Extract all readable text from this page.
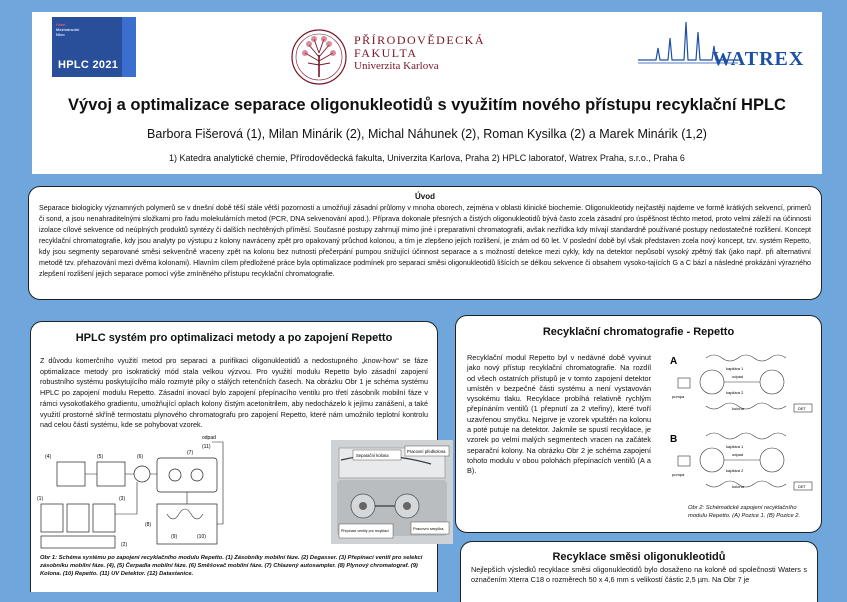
Hotel
Mezinárodní
Nivo
HPLC 2021
PŘÍRODOVĚDECKÁ
FAKULTA
Univerzita Karlova	WATREX
Vývoj a optimalizace separace oligonukleotidů s využitím nového přístupu recyklační HPLC
Barbora Fišerová (1), Milan Minárik (2), Michal Náhunek (2), Roman Kysilka (2) a Marek Minárik (1,2)
1) Katedra analytické chemie, Přírodovědecká fakulta, Univerzita Karlova, Praha 2) HPLC laboratoř, Watrex Praha, s.r.o., Praha 6
Úvod

Separace biologicky významných polymerů se v dnešní době těší stále větší pozornosti a umožňují zásadní průlomy v mnoha oborech, zejména v oblasti klinické biochemie. Oligonukleotidy nejčastěji najdeme ve formě krátkých sekvencí, primerů či sond, a jsou nenahraditelnými složkami pro řadu molekulárních metod (PCR, DNA sekvenování apod.). Příprava dokonale přesných a čistých oligonukleotidů bývá často zcela zásadní pro úspěšnost těchto metod, proto velmi záleží na účinnosti izolace cílové sekvence od neúplných produktů syntézy či dalších nechtěných příměsí. Současné postupy zahrnují mimo jiné i preparativní chromatografii, avšak nezřídka kdy mívají standardně používané postupy nedostatečné rozlišení. Koncept recyklační chromatografie, kdy jsou analyty po výstupu z kolony navráceny zpět pro opakovaný průchod kolonou, a tím je zlepšeno jejich rozlišení, je znám od 60 let. V poslední době byl však představen zcela nový koncept, tzv. systém Repetto, kdy jsou segmenty separované směsi sekvenčně vraceny zpět na kolonu bez nutnosti přečerpání pumpou snižující účinnost separace a s možností detekce mezi cykly, kdy na detektor nepůsobí vysoký zpětný tlak (jako např. při alternativní metodě tzv. přehazování mezi dvěma kolonami). Hlavním cílem předložené práce byla optimalizace podmínek pro separaci směsi oligonukleotidů lišících se délkou sekvence či obsahem vysoko-tajících G a C bází a následné prokázání výrazného zlepšení rozlišení jejich separace pomocí výše zmíněného přístupu recyklační chromatografie.

HPLC systém pro optimalizaci metody a po zapojení Repetto

Z důvodu komerčního využití metod pro separaci a purifikaci oligonukleotidů a nedostupného „know-how“ se fáze optimalizace metody pro isokratický mód stala velkou výzvou. Pro využití modulu Repetto bylo zásadní zapojení robustního systému poskytujícího málo rozmyté píky o stálých retenčních časech. Na obrázku Obr 1 je schéma systému HPLC po zapojení modulu Repetto. Zásadní inovací bylo zapojení přepínacího ventilu pro třetí zásobník mobilní fáze v rámci vysokotlakého gradientu, umožňující oplach kolony čistým acetonitrilem, aby nedocházelo k jejímu zanášení, a také využití prostorné skříně termostatu plynového chromatografu pro zapojení Repetto, které nám umožnilo teplotní kontrolu nad celou částí systému, kde se pohybovat vzorek.

(4)	(6)
(5)
(7)
(8)
(9)	(10)
(11)
(1)
(2)
(3)
odpad
Separační kolona
Pracovní předkolona
Přepínací ventily pro recyklaci	Pracovní smyčka
Obr 1: Schéma systému po zapojení recyklačního modulu Repetto. (1) Zásobníky mobilní fáze. (2) Degasser. (3) Přepínací ventil pro selekci zásobníku mobilní fáze. (4), (5) Čerpadla mobilní fáze. (6) Směšovač mobilní fáze. (7) Chlazený autosampler. (8) Plynový chromatograf. (9) Kolona. (10) Repetto. (11) UV Detektor. (12) Datastanice.
Recyklační chromatografie - Repetto
Recyklační modul Repetto byl v nedávné době vyvinut jako nový přístup recyklační chromatografie. Na rozdíl od všech ostatních přístupů je v tomto zapojení detektor umístěn v bezpečné části systému a není vystavován vysokému tlaku. Recyklace probíhá relativně rychlým přepínáním ventilů (1 přepnutí za 2 vteřiny), které tvoří uzavřenou smyčku. Nejprve je vzorek vpuštěn na kolonu a poté putuje na detektor. Jakmile se spustí recyklace, je vzorek po velmi malých segmentech vracen na začátek separační kolony. Na obrázku Obr 2 je schéma zapojení tohoto modulu v obou polohách přepínacích ventilů (A a B).
A
kapilára 1
odpad
kapilára 2
kolona
pumpa
DET
B
kapilára 1
odpad
kapilára 2
kolona
pumpa
DET
Obr 2: Schématické zapojení recyklačního modulu Repetto. (A) Pozice 1. (B) Pozice 2.
Recyklace směsi oligonukleotidů
Nejlepších výsledků recyklace směsi oligonukleotidů bylo dosaženo na koloně od společnosti Waters s označením Xterra C18 o rozměrech 50 x 4,6 mm s velikostí částic 2,5 µm. Na Obr 7 je
